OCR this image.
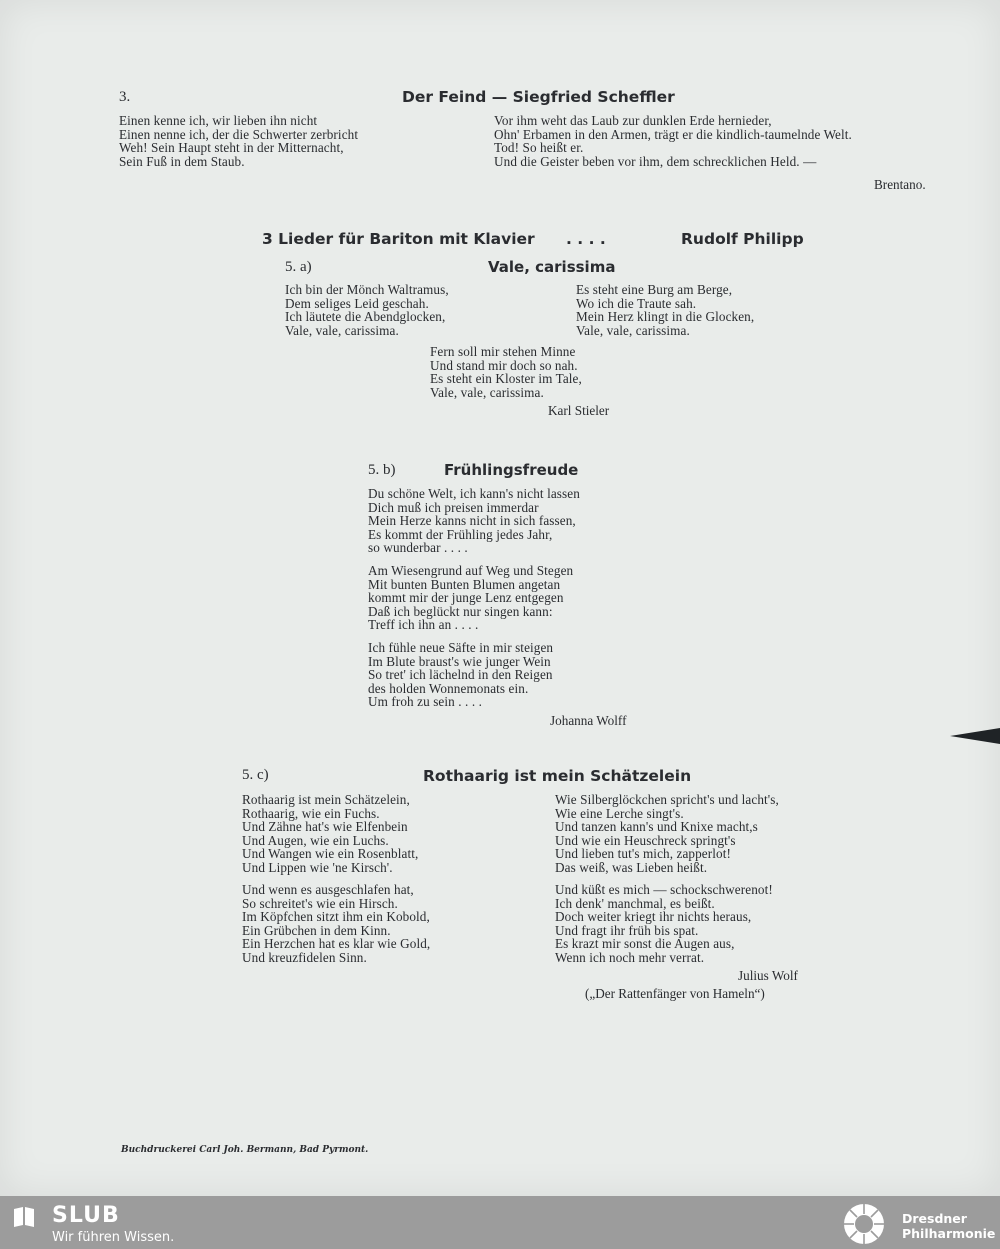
3.	Der Feind — Siegfried Scheffler
Einen kenne ich, wir lieben ihn nicht
Einen nenne ich, der die Schwerter zerbricht
Weh! Sein Haupt steht in der Mitternacht,
Sein Fuß in dem Staub.
Vor ihm weht das Laub zur dunklen Erde hernieder,
Ohn' Erbamen in den Armen, trägt er die kindlich-taumelnde Welt.
Tod! So heißt er.
Und die Geister beben vor ihm, dem schrecklichen Held. —
Brentano.
3 Lieder für Bariton mit Klavier . . . .	Rudolf Philipp
5. a)	Vale, carissima
Ich bin der Mönch Waltramus,
Dem seliges Leid geschah.
Ich läutete die Abendglocken,
Vale, vale, carissima.
Es steht eine Burg am Berge,
Wo ich die Traute sah.
Mein Herz klingt in die Glocken,
Vale, vale, carissima.
Fern soll mir stehen Minne
Und stand mir doch so nah.
Es steht ein Kloster im Tale,
Vale, vale, carissima.
Karl Stieler
5. b)	Frühlingsfreude
Du schöne Welt, ich kann's nicht lassen
Dich muß ich preisen immerdar
Mein Herze kanns nicht in sich fassen,
Es kommt der Frühling jedes Jahr,
so wunderbar . . . .
Am Wiesengrund auf Weg und Stegen
Mit bunten Bunten Blumen angetan
kommt mir der junge Lenz entgegen
Daß ich beglückt nur singen kann:
Treff ich ihn an . . . .
Ich fühle neue Säfte in mir steigen
Im Blute braust's wie junger Wein
So tret' ich lächelnd in den Reigen
des holden Wonnemonats ein.
Um froh zu sein . . . .
Johanna Wolff
5. c)	Rothaarig ist mein Schätzelein
Rothaarig ist mein Schätzelein,
Rothaarig, wie ein Fuchs.
Und Zähne hat's wie Elfenbein
Und Augen, wie ein Luchs.
Und Wangen wie ein Rosenblatt,
Und Lippen wie 'ne Kirsch'.
Und wenn es ausgeschlafen hat,
So schreitet's wie ein Hirsch.
Im Köpfchen sitzt ihm ein Kobold,
Ein Grübchen in dem Kinn.
Ein Herzchen hat es klar wie Gold,
Und kreuzfidelen Sinn.
Wie Silberglöckchen spricht's und lacht's,
Wie eine Lerche singt's.
Und tanzen kann's und Knixe macht,s
Und wie ein Heuschreck springt's
Und lieben tut's mich, zapperlot!
Das weiß, was Lieben heißt.
Und küßt es mich — schockschwerenot!
Ich denk' manchmal, es beißt.
Doch weiter kriegt ihr nichts heraus,
Und fragt ihr früh bis spat.
Es krazt mir sonst die Augen aus,
Wenn ich noch mehr verrat.
Julius Wolf
(„Der Rattenfänger von Hameln“)
Buchdruckerei Carl Joh. Bermann, Bad Pyrmont.
SLUB
Wir führen Wissen.
Dresdner
Philharmonie
